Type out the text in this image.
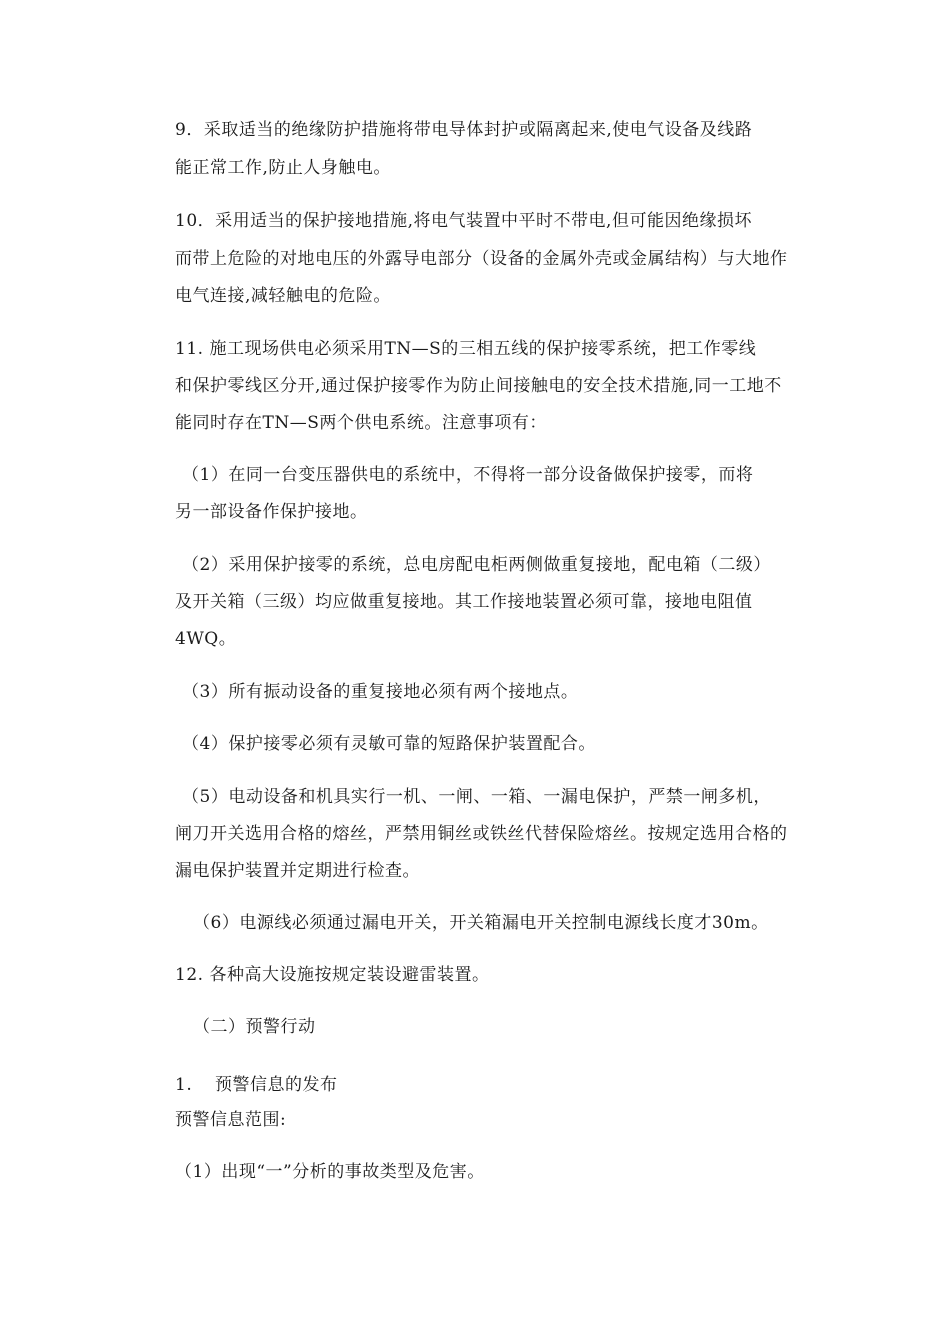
9．采取适当的绝缘防护措施将带电导体封护或隔离起来,使电气设备及线路
能正常工作,防止人身触电。
10．采用适当的保护接地措施,将电气装置中平时不带电,但可能因绝缘损坏
而带上危险的对地电压的外露导电部分（设备的金属外壳或金属结构）与大地作
电气连接,减轻触电的危险。
11. 施工现场供电必须采用TN—S的三相五线的保护接零系统，把工作零线
和保护零线区分开,通过保护接零作为防止间接触电的安全技术措施,同一工地不
能同时存在TN—S两个供电系统。注意事项有：
（1）在同一台变压器供电的系统中，不得将一部分设备做保护接零，而将
另一部设备作保护接地。
（2）采用保护接零的系统，总电房配电柜两侧做重复接地，配电箱（二级）
及开关箱（三级）均应做重复接地。其工作接地装置必须可靠，接地电阻值
4WQ。
（3）所有振动设备的重复接地必须有两个接地点。
（4）保护接零必须有灵敏可靠的短路保护装置配合。
（5）电动设备和机具实行一机、一闸、一箱、一漏电保护，严禁一闸多机，
闸刀开关选用合格的熔丝，严禁用铜丝或铁丝代替保险熔丝。按规定选用合格的
漏电保护装置并定期进行检查。
（6）电源线必须通过漏电开关，开关箱漏电开关控制电源线长度才30m。
12. 各种高大设施按规定装设避雷装置。
（二）预警行动
1. 预警信息的发布
预警信息范围:
（1）出现“一”分析的事故类型及危害。
